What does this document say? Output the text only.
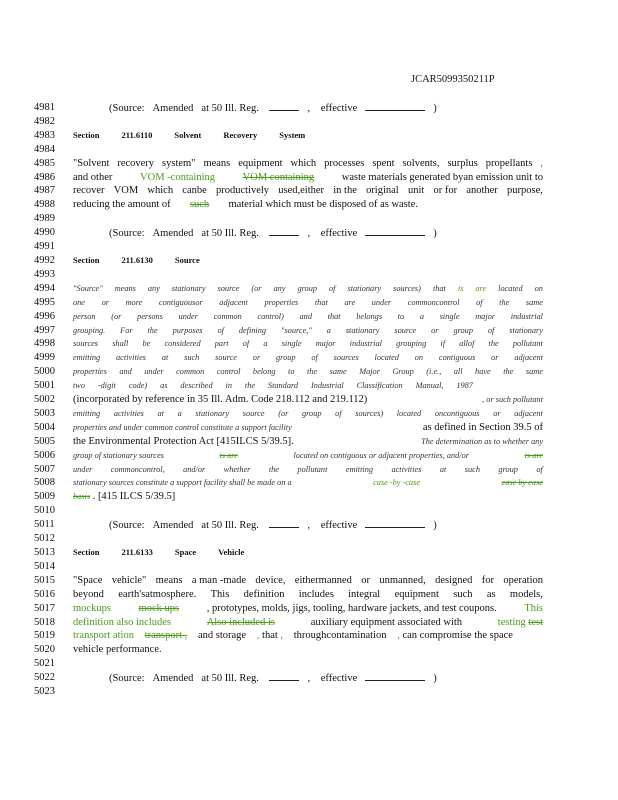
JCAR5099350211P
4981
4982
4983
4984
4985
4986
4987
4988
4989
4990
4991
4992
4993
4994
4995
4996
4997
4998
4999
5000
5001
5002
5003
5004
5005
5006
5007
5008
5009
5010
5011
5012
5013
5014
5015
5016
5017
5018
5019
5020
5021
5022
5023
(Source: Amended at 50 Ill. Reg.	, effective	)
Section	211.6110	Solvent	Recovery	System
"Solvent recovery system" means equipment which processes spent solvents, surplus propellants ,
and other	VOM -containing	VOM containing	waste materials generated byan emission unit to
recover VOM which canbe productively used,either in the original unit or for another purpose,
reducing the amount of such material which must be disposed of as waste.
(Source: Amended at 50 Ill. Reg.	, effective	)
Section	211.6130	Source
"Source" means any stationary source (or any group of stationary sources) that is are located on
one or more contiguousor adjacent properties that are under commoncontrol of the same
person (or persons under common control) and that belongs to a single major industrial
grouping. For the purposes of defining "source," a stationary source or group of stationary
sources shall be considered part of a single major industrial grouping if allof the pollutant
emitting activities at such source or group of sources located on contiguous or adjacent
properties and under common control belong to the same Major Group (i.e., all have the same
two -digit code) as described in the Standard Industrial Classification Manual, 1987
(incorporated by reference in 35 Ill. Adm. Code 218.112 and 219.112)	, or such pollutant
emitting activities at a stationary source (or group of sources) located oncontiguous or adjacent
properties and under common control constitute a support facility	as defined in Section 39.5 of
the Environmental Protection Act [415ILCS 5/39.5].	The determination as to whether any
group of stationary sources	is are	located on contiguous or adjacent properties, and/or	is are
under commoncontrol, and/or whether the pollutant emitting activities at such group of
stationary sources constitute a support facility shall be made on a	case -by -case	case by case
basis . [415 ILCS 5/39.5]
(Source: Amended at 50 Ill. Reg.	, effective	)
Section	211.6133	Space	Vehicle
"Space vehicle" means a man -made device, eithermanned or unmanned, designed for operation
beyond earth'satmosphere. This definition includes integral equipment such as models,
mockups	mock ups	, prototypes, molds, jigs, tooling, hardware jackets, and test coupons.	This
definition also includes	Also included is	auxiliary equipment associated with	testing test
transport ation transport , and storage , that , throughcontamination , can compromise the space
vehicle performance.
(Source: Amended at 50 Ill. Reg.	, effective	)
